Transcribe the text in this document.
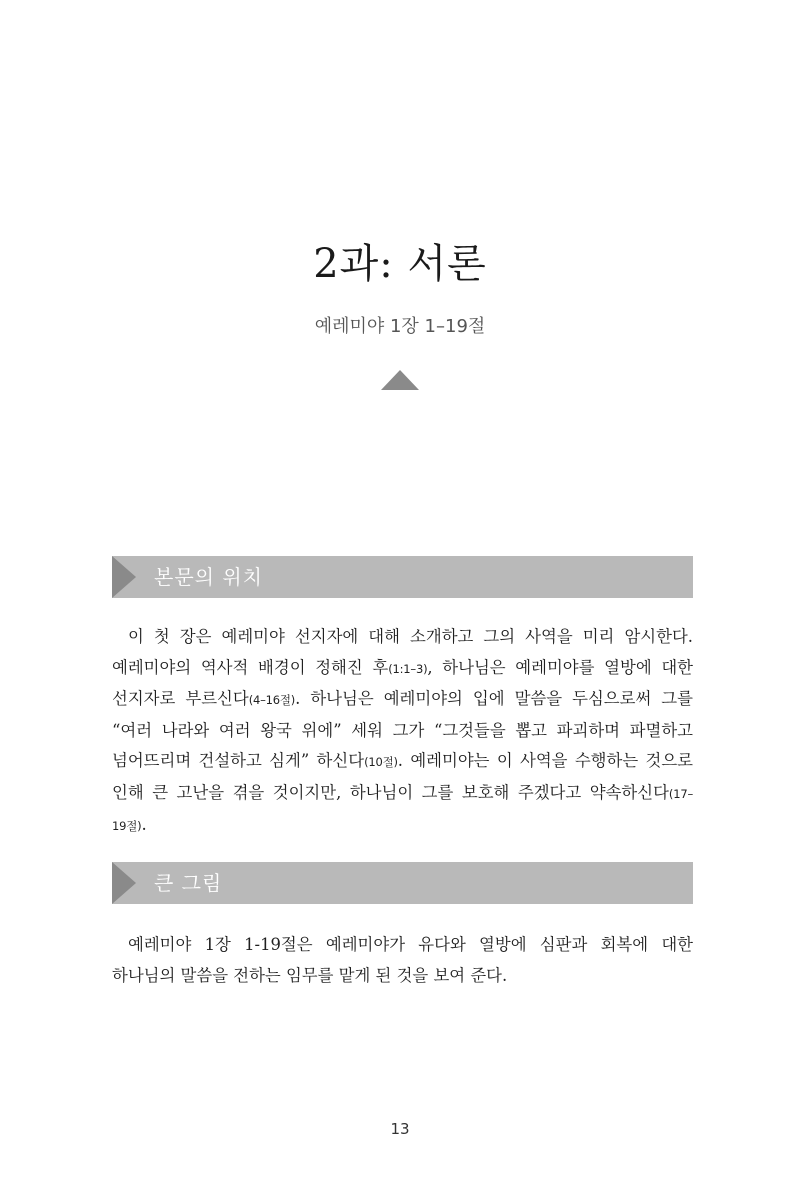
2과: 서론
예레미야 1장 1–19절
본문의 위치

이 첫 장은 예레미야 선지자에 대해 소개하고 그의 사역을 미리 암시한다. 예레미야의 역사적 배경이 정해진 후(1:1–3), 하나님은 예레미야를 열방에 대한 선지자로 부르신다(4–16절). 하나님은 예레미야의 입에 말씀을 두심으로써 그를 “여러 나라와 여러 왕국 위에” 세워 그가 “그것들을 뽑고 파괴하며 파멸하고 넘어뜨리며 건설하고 심게” 하신다(10절). 예레미야는 이 사역을 수행하는 것으로 인해 큰 고난을 겪을 것이지만, 하나님이 그를 보호해 주겠다고 약속하신다(17–19절).

큰 그림

예레미야 1장 1-19절은 예레미야가 유다와 열방에 심판과 회복에 대한 하나님의 말씀을 전하는 임무를 맡게 된 것을 보여 준다.

13
